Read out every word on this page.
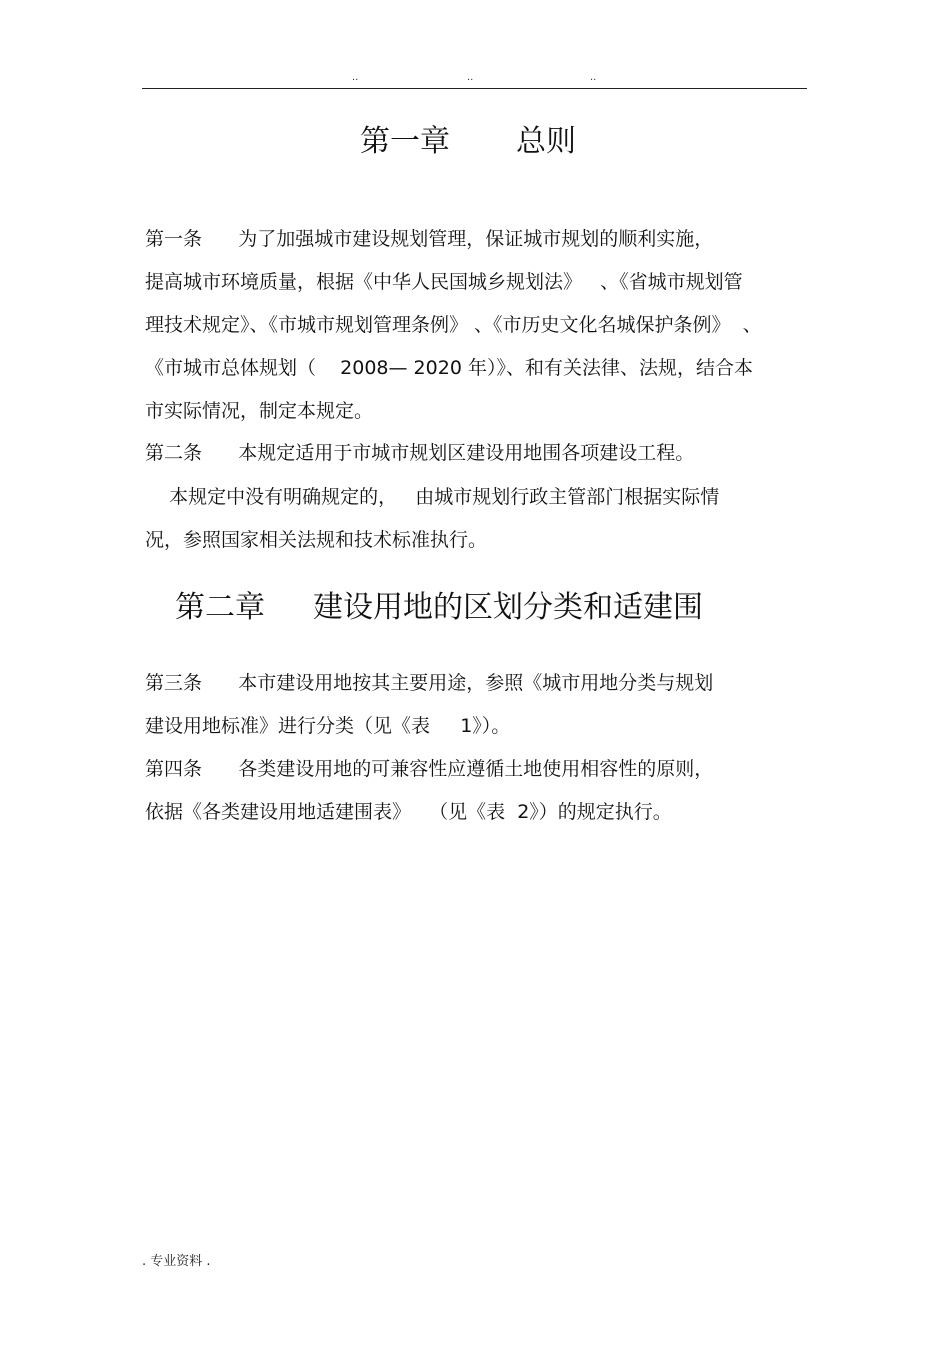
..	..	..
第一章 总则
第一条      为了加强城市建设规划管理，保证城市规划的顺利实施，
提高城市环境质量，根据《中华人民国城乡规划法》   、《省城市规划管
理技术规定》、《市城市规划管理条例》 、《市历史文化名城保护条例》  、
《市城市总体规划（    2008— 2020 年）》、和有关法律、法规，结合本
市实际情况，制定本规定。
第二条      本规定适用于市城市规划区建设用地围各项建设工程。
本规定中没有明确规定的，   由城市规划行政主管部门根据实际情
况，参照国家相关法规和技术标准执行。
第二章 建设用地的区划分类和适建围
第三条      本市建设用地按其主要用途，参照《城市用地分类与规划
建设用地标准》进行分类（见《表     1》）。
第四条      各类建设用地的可兼容性应遵循土地使用相容性的原则，
依据《各类建设用地适建围表》   （见《表  2》）的规定执行。
. 专业资料 .
